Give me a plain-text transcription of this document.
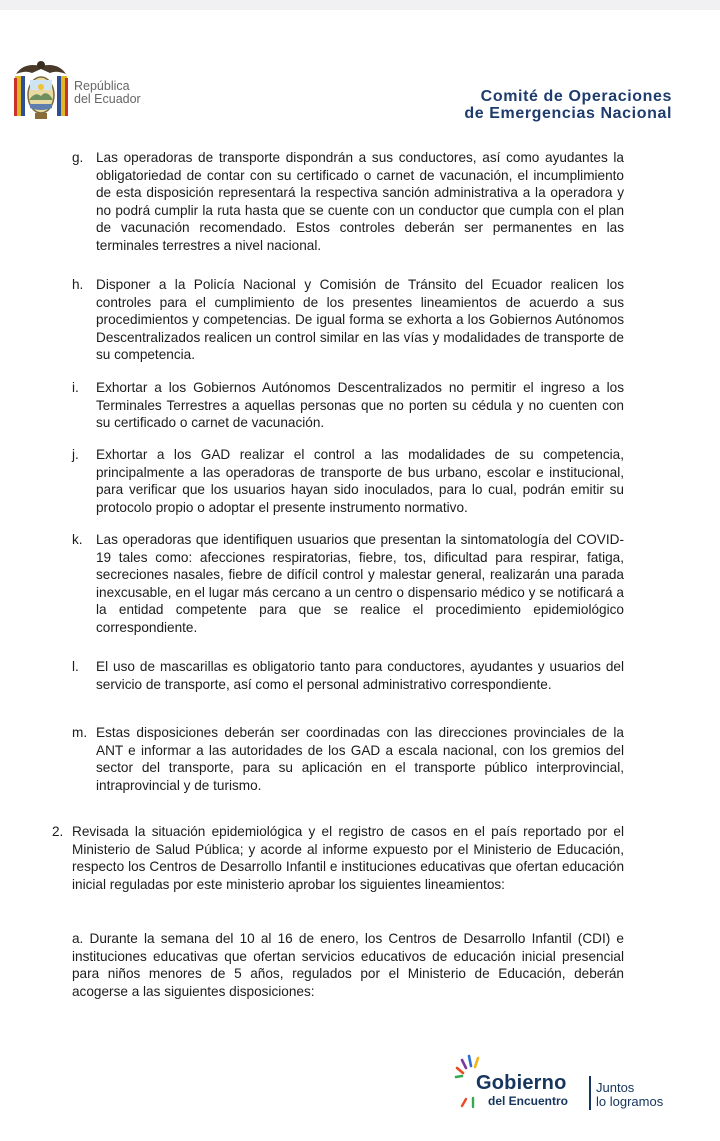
República
del Ecuador	Comité de Operaciones
de Emergencias Nacional
g. Las operadoras de transporte dispondrán a sus conductores, así como ayudantes la obligatoriedad de contar con su certificado o carnet de vacunación, el incumplimiento de esta disposición representará la respectiva sanción administrativa a la operadora y no podrá cumplir la ruta hasta que se cuente con un conductor que cumpla con el plan de vacunación recomendado. Estos controles deberán ser permanentes en las terminales terrestres a nivel nacional.
h. Disponer a la Policía Nacional y Comisión de Tránsito del Ecuador realicen los controles para el cumplimiento de los presentes lineamientos de acuerdo a sus procedimientos y competencias. De igual forma se exhorta a los Gobiernos Autónomos Descentralizados realicen un control similar en las vías y modalidades de transporte de su competencia.
i. Exhortar a los Gobiernos Autónomos Descentralizados no permitir el ingreso a los Terminales Terrestres a aquellas personas que no porten su cédula y no cuenten con su certificado o carnet de vacunación.
j. Exhortar a los GAD realizar el control a las modalidades de su competencia, principalmente a las operadoras de transporte de bus urbano, escolar e institucional, para verificar que los usuarios hayan sido inoculados, para lo cual, podrán emitir su protocolo propio o adoptar el presente instrumento normativo.
k. Las operadoras que identifiquen usuarios que presentan la sintomatología del COVID-19 tales como: afecciones respiratorias, fiebre, tos, dificultad para respirar, fatiga, secreciones nasales, fiebre de difícil control y malestar general, realizarán una parada inexcusable, en el lugar más cercano a un centro o dispensario médico y se notificará a la entidad competente para que se realice el procedimiento epidemiológico correspondiente.
l. El uso de mascarillas es obligatorio tanto para conductores, ayudantes y usuarios del servicio de transporte, así como el personal administrativo correspondiente.
m. Estas disposiciones deberán ser coordinadas con las direcciones provinciales de la ANT e informar a las autoridades de los GAD a escala nacional, con los gremios del sector del transporte, para su aplicación en el transporte público interprovincial, intraprovincial y de turismo.
2. Revisada la situación epidemiológica y el registro de casos en el país reportado por el Ministerio de Salud Pública; y acorde al informe expuesto por el Ministerio de Educación, respecto los Centros de Desarrollo Infantil e instituciones educativas que ofertan educación inicial reguladas por este ministerio aprobar los siguientes lineamientos:
a. Durante la semana del 10 al 16 de enero, los Centros de Desarrollo Infantil (CDI) e instituciones educativas que ofertan servicios educativos de educación inicial presencial para niños menores de 5 años, regulados por el Ministerio de Educación, deberán acogerse a las siguientes disposiciones:
Gobierno
del Encuentro
Juntos
lo logramos
